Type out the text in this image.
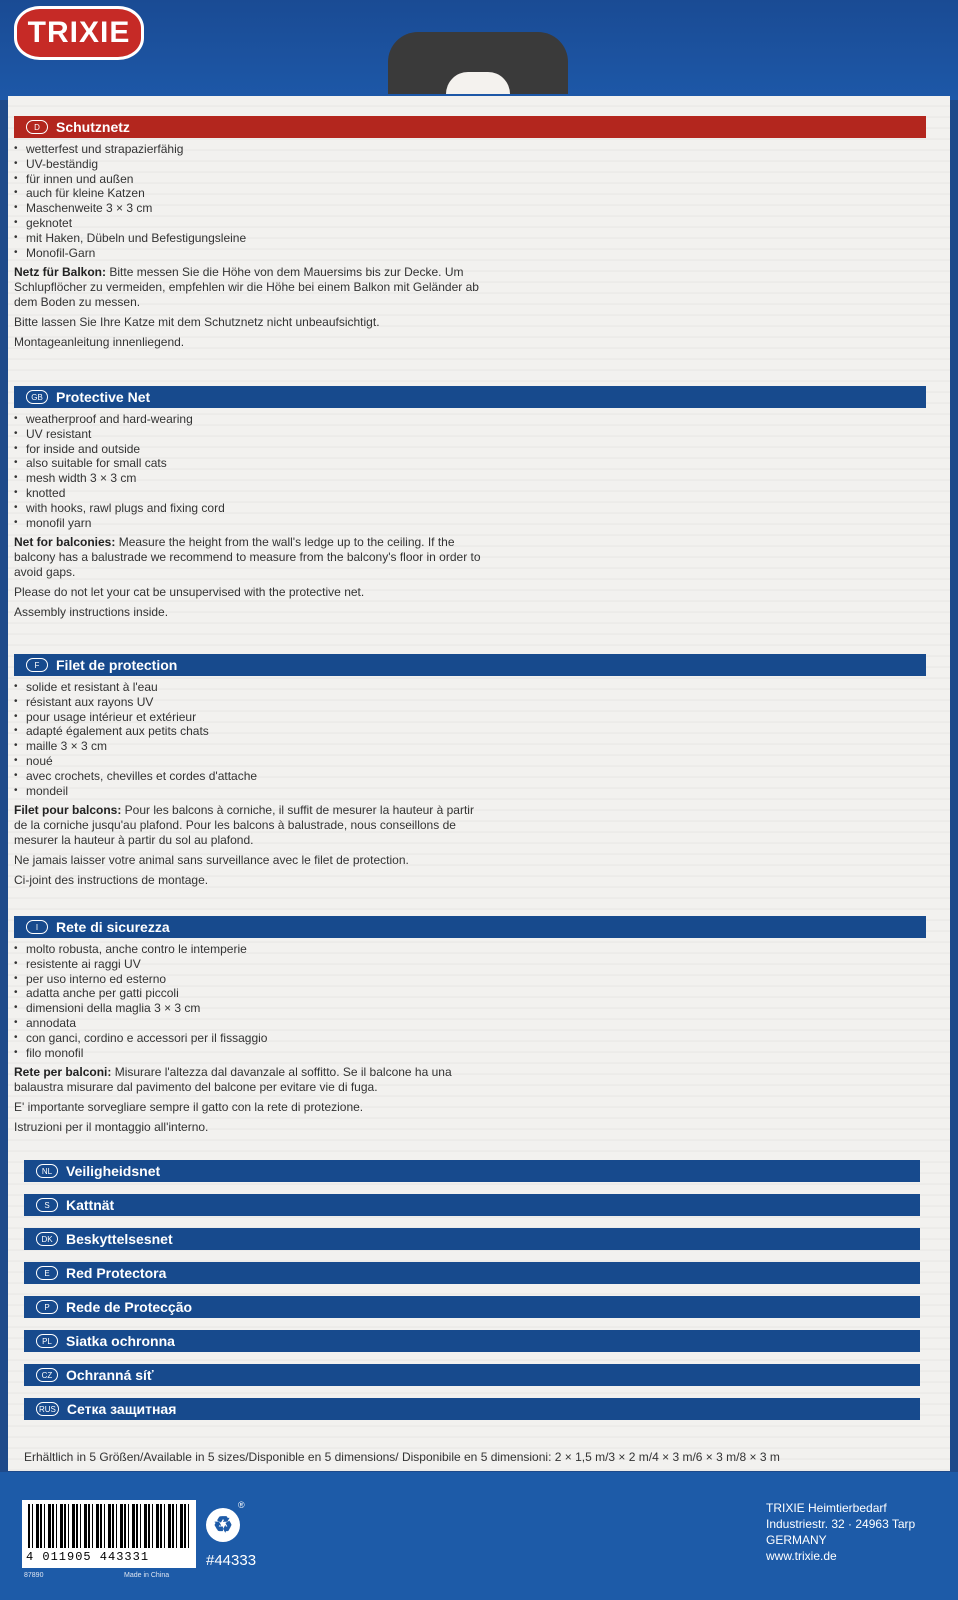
TRIXIE
D	Schutznetz
• wetterfest und strapazierfähig
• UV-beständig
• für innen und außen
• auch für kleine Katzen
• Maschenweite 3 × 3 cm
• geknotet
• mit Haken, Dübeln und Befestigungsleine
• Monofil-Garn

Netz für Balkon: Bitte messen Sie die Höhe von dem Mauersims bis zur Decke. Um Schlupflöcher zu vermeiden, empfehlen wir die Höhe bei einem Balkon mit Geländer ab dem Boden zu messen.

Bitte lassen Sie Ihre Katze mit dem Schutznetz nicht unbeaufsichtigt.

Montageanleitung innenliegend.

GB Protective Net
• weatherproof and hard-wearing
• UV resistant
• for inside and outside
• also suitable for small cats
• mesh width 3 × 3 cm
• knotted
• with hooks, rawl plugs and fixing cord
• monofil yarn

Net for balconies: Measure the height from the wall's ledge up to the ceiling. If the balcony has a balustrade we recommend to measure from the balcony's floor in order to avoid gaps.

Please do not let your cat be unsupervised with the protective net.

Assembly instructions inside.

F	Filet de protection
• solide et resistant à l'eau
• résistant aux rayons UV
• pour usage intérieur et extérieur
• adapté également aux petits chats
• maille 3 × 3 cm
• noué
• avec crochets, chevilles et cordes d'attache
• mondeil

Filet pour balcons: Pour les balcons à corniche, il suffit de mesurer la hauteur à partir de la corniche jusqu'au plafond. Pour les balcons à balustrade, nous conseillons de mesurer la hauteur à partir du sol au plafond.

Ne jamais laisser votre animal sans surveillance avec le filet de protection.

Ci-joint des instructions de montage.

I	Rete di sicurezza
• molto robusta, anche contro le intemperie
• resistente ai raggi UV
• per uso interno ed esterno
• adatta anche per gatti piccoli
• dimensioni della maglia 3 × 3 cm
• annodata
• con ganci, cordino e accessori per il fissaggio
• filo monofil

Rete per balconi: Misurare l'altezza dal davanzale al soffitto. Se il balcone ha una balaustra misurare dal pavimento del balcone per evitare vie di fuga.

E' importante sorvegliare sempre il gatto con la rete di protezione.

Istruzioni per il montaggio all'interno.

NL Veiligheidsnet
S	Kattnät
DK Beskyttelsesnet
E	Red Protectora
P	Rede de Protecção
PL	Siatka ochronna
CZ Ochranná síť
RUS Сетка защитная
Erhältlich in 5 Größen/Available in 5 sizes/Disponible en 5 dimensions/ Disponibile en 5 dimensioni: 2 × 1,5 m/3 × 2 m/4 × 3 m/6 × 3 m/8 × 3 m
4 011905 443331
87890	Made in China
♻
®
#44333
TRIXIE Heimtierbedarf
Industriestr. 32 · 24963 Tarp
GERMANY
www.trixie.de
